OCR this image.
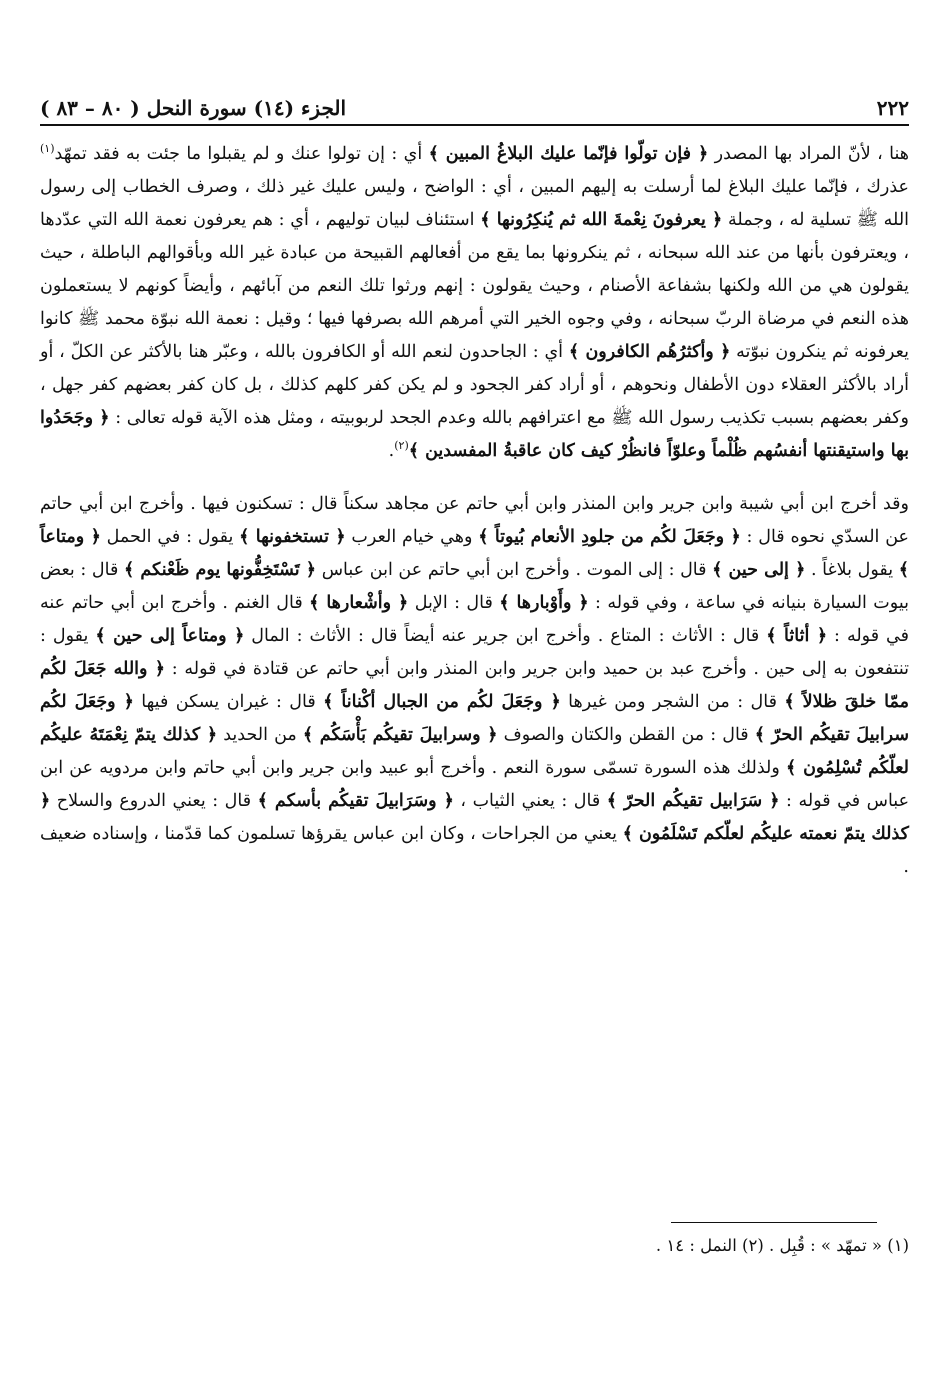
٢٢٢
الجزء (١٤) سورة النحل ( ٨٠ – ٨٣ )

هنا ، لأنّ المراد بها المصدر ﴿ فإن تولّوا فإنّما عليك البلاغُ المبين ﴾ أي : إن تولوا عنك و لم يقبلوا ما جئت به فقد تمهّد$^{(١)}$ عذرك ، فإنّما عليك البلاغ لما أرسلت به إليهم المبين ، أي : الواضح ، وليس عليك غير ذلك ، وصرف الخطاب إلى رسول الله ﷺ تسلية له ، وجملة ﴿ يعرفونَ نِعْمةَ الله ثم يُنكِرُونها ﴾ استئناف لبيان توليهم ، أي : هم يعرفون نعمة الله التي عدّدها ، ويعترفون بأنها من عند الله سبحانه ، ثم ينكرونها بما يقع من أفعالهم القبيحة من عبادة غير الله وبأقوالهم الباطلة ، حيث يقولون هي من الله ولكنها بشفاعة الأصنام ، وحيث يقولون : إنهم ورثوا تلك النعم من آبائهم ، وأيضاً كونهم لا يستعملون هذه النعم في مرضاة الربّ سبحانه ، وفي وجوه الخير التي أمرهم الله بصرفها فيها ؛ وقيل : نعمة الله نبوّة محمد ﷺ كانوا يعرفونه ثم ينكرون نبوّته ﴿ وأكثرُهُم الكافرون ﴾ أي : الجاحدون لنعم الله أو الكافرون بالله ، وعبّر هنا بالأكثر عن الكلّ ، أو أراد بالأكثر العقلاء دون الأطفال ونحوهم ، أو أراد كفر الجحود و لم يكن كفر كلهم كذلك ، بل كان كفر بعضهم كفر جهل ، وكفر بعضهم بسبب تكذيب رسول الله ﷺ مع اعترافهم بالله وعدم الجحد لربوبيته ، ومثل هذه الآية قوله تعالى : ﴿ وجَحَدُوا بها واستيقنتها أنفسُهم ظُلْماً وعلوّاً فانظُرْ كيف كان عاقبةُ المفسدين ﴾$^{(٢)}$.

وقد أخرج ابن أبي شيبة وابن جرير وابن المنذر وابن أبي حاتم عن مجاهد سكناً قال : تسكنون فيها . وأخرج ابن أبي حاتم عن السدّي نحوه قال : ﴿ وجَعَلَ لكُم من جلودِ الأنعام بُيوتاً ﴾ وهي خيام العرب ﴿ تستخفونها ﴾ يقول : في الحمل ﴿ ومتاعاً ﴾ يقول بلاغاً . ﴿ إلى حين ﴾ قال : إلى الموت . وأخرج ابن أبي حاتم عن ابن عباس ﴿ تَسْتَخِفُّونها يوم ظَعْنكم ﴾ قال : بعض بيوت السيارة بنيانه في ساعة ، وفي قوله : ﴿ وأَوْبارها ﴾ قال : الإبل ﴿ وأشْعارها ﴾ قال الغنم . وأخرج ابن أبي حاتم عنه في قوله : ﴿ أثاثاً ﴾ قال : الأثاث : المتاع . وأخرج ابن جرير عنه أيضاً قال : الأثاث : المال ﴿ ومتاعاً إلى حين ﴾ يقول : تنتفعون به إلى حين . وأخرج عبد بن حميد وابن جرير وابن المنذر وابن أبي حاتم عن قتادة في قوله : ﴿ والله جَعَلَ لكُم ممّا خلقَ ظلالاً ﴾ قال : من الشجر ومن غيرها ﴿ وجَعَلَ لكُم من الجبال أكْناناً ﴾ قال : غيران يسكن فيها ﴿ وجَعَلَ لكُم سرابيلَ تقيكُم الحرّ ﴾ قال : من القطن والكتان والصوف ﴿ وسرابيلَ تقيكُم بَأْسَكُم ﴾ من الحديد ﴿ كذلك يتمّ نِعْمَتَهُ عليكُم لعلّكُم تُسْلِمُون ﴾ ولذلك هذه السورة تسمّى سورة النعم . وأخرج أبو عبيد وابن جرير وابن أبي حاتم وابن مردويه عن ابن عباس في قوله : ﴿ سَرَابيل تقيكُم الحرّ ﴾ قال : يعني الثياب ، ﴿ وسَرَابيلَ تقيكُم بأسكم ﴾ قال : يعني الدروع والسلاح ﴿ كذلك يتمّ نعمته عليكُم لعلّكم تَسْلَمُون ﴾ يعني من الجراحات ، وكان ابن عباس يقرؤها تسلمون كما قدّمنا ، وإسناده ضعيف .

(١) « تمهّد » : قُبِل . (٢) النمل : ١٤ .
